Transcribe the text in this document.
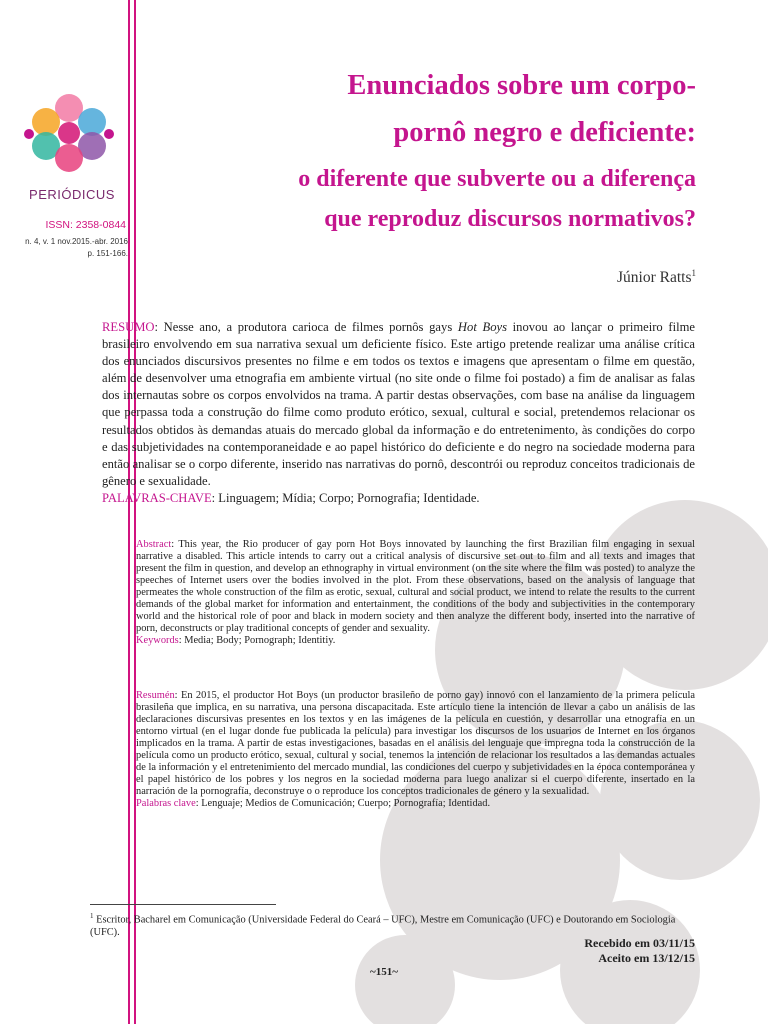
PERIÓDICUS
ISSN: 2358-0844
n. 4, v. 1 nov.2015.-abr. 2016
p. 151-166.
Enunciados sobre um corpo-
pornô negro e deficiente:
o diferente que subverte ou a diferença
que reproduz discursos normativos?
Júnior Ratts$^1$
RESUMO: Nesse ano, a produtora carioca de filmes pornôs gays Hot Boys inovou ao lançar o primeiro filme brasileiro envolvendo em sua narrativa sexual um deficiente físico. Este artigo pretende realizar uma análise crítica dos enunciados discursivos presentes no filme e em todos os textos e imagens que apresentam o filme em questão, além de desenvolver uma etnografia em ambiente virtual (no site onde o filme foi postado) a fim de analisar as falas dos internautas sobre os corpos envolvidos na trama. A partir destas observações, com base na análise da linguagem que perpassa toda a construção do filme como produto erótico, sexual, cultural e social, pretendemos relacionar os resultados obtidos às demandas atuais do mercado global da informação e do entretenimento, às condições do corpo e das subjetividades na contemporaneidade e ao papel histórico do deficiente e do negro na sociedade moderna para então analisar se o corpo diferente, inserido nas narrativas do pornô, descontrói ou reproduz conceitos tradicionais de gênero e sexualidade.
PALAVRAS-CHAVE: Linguagem; Mídia; Corpo; Pornografia; Identidade.
Abstract: This year, the Rio producer of gay porn Hot Boys innovated by launching the first Brazilian film engaging in sexual narrative a disabled. This article intends to carry out a critical analysis of discursive set out to film and all texts and images that present the film in question, and develop an ethnography in virtual environment (on the site where the film was posted) to analyze the speeches of Internet users over the bodies involved in the plot. From these observations, based on the analysis of language that permeates the whole construction of the film as erotic, sexual, cultural and social product, we intend to relate the results to the current demands of the global market for information and entertainment, the conditions of the body and subjectivities in the contemporary world and the historical role of poor and black in modern society and then analyze the different body, inserted into the narrative of porn, deconstructs or play traditional concepts of gender and sexuality.
Keywords: Media; Body; Pornograph; Identitiy.
Resumén: En 2015, el productor Hot Boys (un productor brasileño de porno gay) innovó con el lanzamiento de la primera película brasileña que implica, en su narrativa, una persona discapacitada. Este artículo tiene la intención de llevar a cabo un análisis de las declaraciones discursivas presentes en los textos y en las imágenes de la película en cuestión, y desarrollar una etnografía en un entorno virtual (en el lugar donde fue publicada la película) para investigar los discursos de los usuarios de Internet en los órganos implicados en la trama. A partir de estas investigaciones, basadas en el análisis del lenguaje que impregna toda la construcción de la película como un producto erótico, sexual, cultural y social, tenemos la intención de relacionar los resultados a las demandas actuales de la información y el entretenimiento del mercado mundial, las condiciones del cuerpo y subjetividades en la época contemporánea y el papel histórico de los pobres y los negros en la sociedad moderna para luego analizar si el cuerpo diferente, insertado en la narración de la pornografía, deconstruye o o reproduce los conceptos tradicionales de género y la sexualidad.
Palabras clave: Lenguaje; Medios de Comunicación; Cuerpo; Pornografía; Identidad.
$^1$ Escritor, Bacharel em Comunicação (Universidade Federal do Ceará – UFC), Mestre em Comunicação (UFC) e Doutorando em Sociologia (UFC).
Recebido em 03/11/15
Aceito em 13/12/15
~151~
